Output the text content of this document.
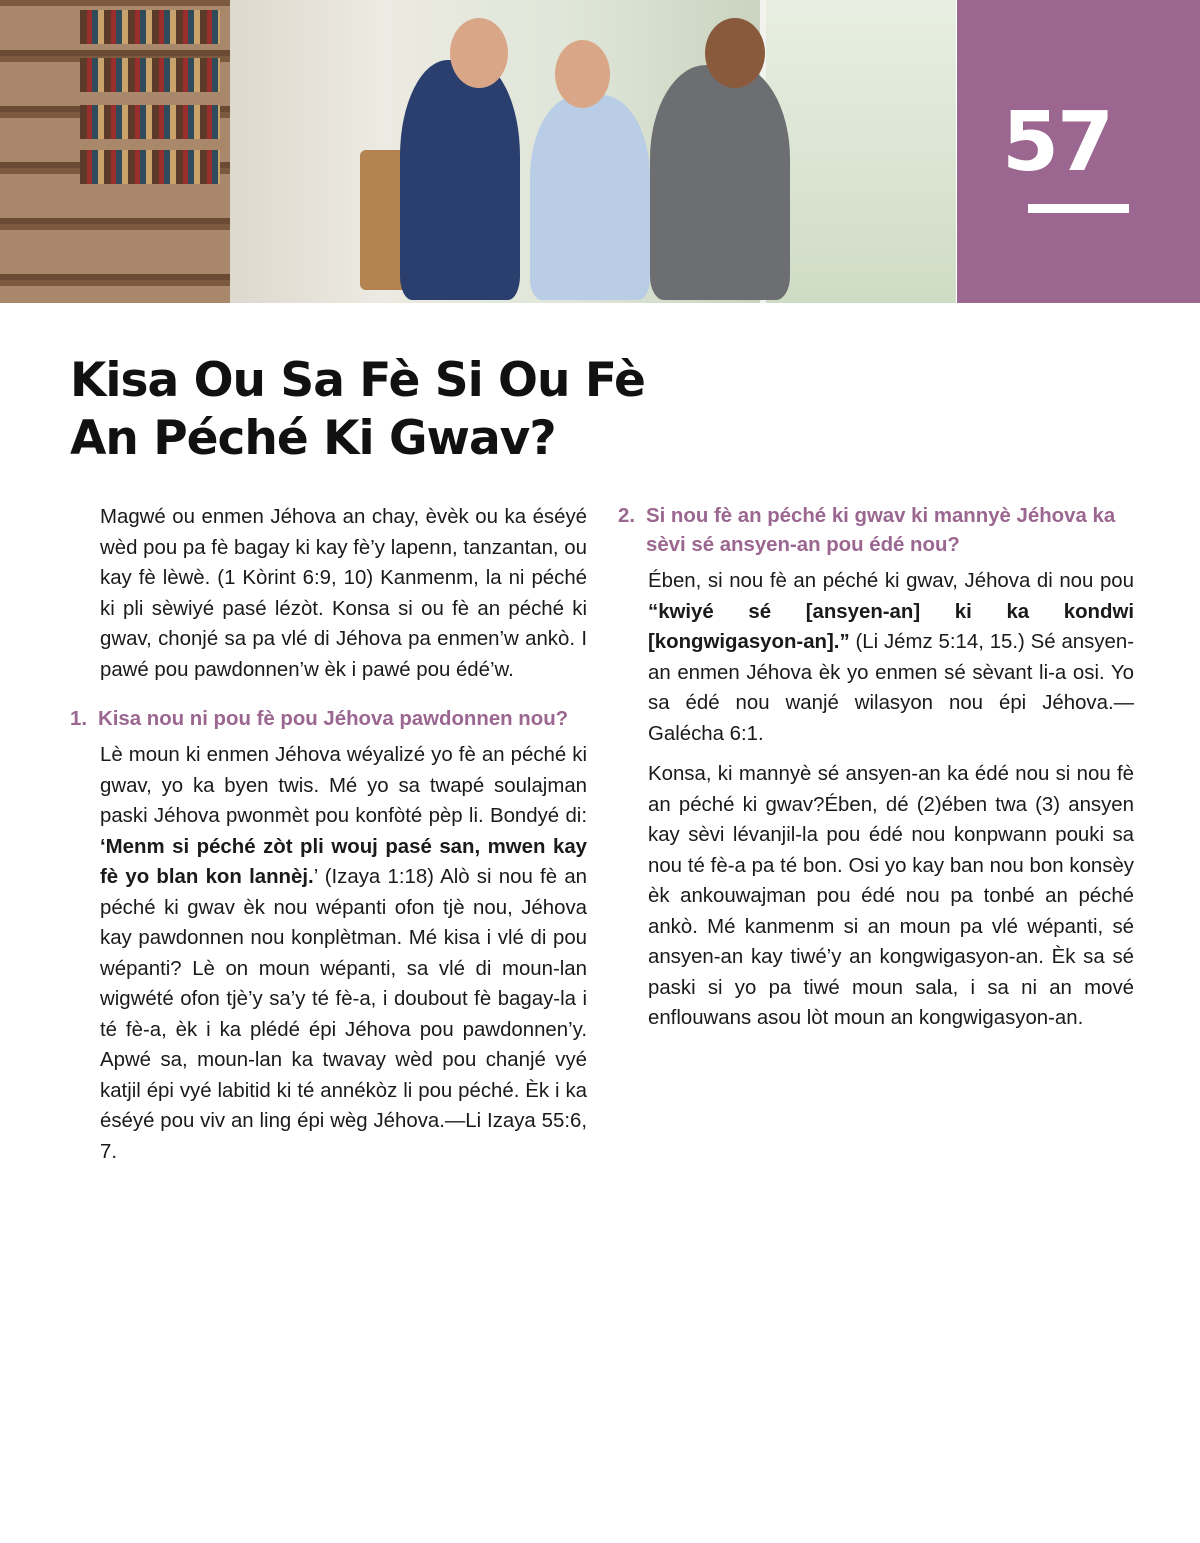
57
Kisa Ou Sa Fè Si Ou Fè
An Péché Ki Gwav?

Magwé ou enmen Jéhova an chay, èvèk ou ka éséyé wèd pou pa fè bagay ki kay fè’y lapenn, tanzantan, ou kay fè lèwè. (1 Kòrint 6:9, 10) Kanmenm, la ni péché ki pli sèwiyé pasé lézòt. Konsa si ou fè an péché ki gwav, chonjé sa pa vlé di Jéhova pa enmen’w ankò. I pawé pou pawdonnen’w èk i pawé pou édé’w.

1. Kisa nou ni pou fè pou Jéhova pawdonnen nou?

Lè moun ki enmen Jéhova wéyalizé yo fè an péché ki gwav, yo ka byen twis. Mé yo sa twapé soulajman paski Jéhova pwonmèt pou konfòté pèp li. Bondyé di: ‘Menm si péché zòt pli wouj pasé san, mwen kay fè yo blan kon lannèj.’ (Izaya 1:18) Alò si nou fè an péché ki gwav èk nou wépanti ofon tjè nou, Jéhova kay pawdonnen nou konplètman. Mé kisa i vlé di pou wépanti? Lè on moun wépanti, sa vlé di moun-lan wigwété ofon tjè’y sa’y té fè-a, i doubout fè bagay-la i té fè-a, èk i ka plédé épi Jéhova pou pawdonnen’y. Apwé sa, moun-lan ka twavay wèd pou chanjé vyé katjil épi vyé labitid ki té annékòz li pou péché. Èk i ka éséyé pou viv an ling épi wèg Jéhova.—Li Izaya 55:6, 7.

2. Si nou fè an péché ki gwav ki mannyè Jéhova ka sèvi sé ansyen-an pou édé nou?

Ében, si nou fè an péché ki gwav, Jéhova di nou pou “kwiyé sé [ansyen-an] ki ka kondwi [kongwigasyon-an].” (Li Jémz 5:14, 15.) Sé ansyen-an enmen Jéhova èk yo enmen sé sèvant li-a osi. Yo sa édé nou wanjé wilasyon nou épi Jéhova.—Galécha 6:1.

Konsa, ki mannyè sé ansyen-an ka édé nou si nou fè an péché ki gwav?Ében, dé (2)ében twa (3) ansyen kay sèvi lévanjil-la pou édé nou konpwann pouki sa nou té fè-a pa té bon. Osi yo kay ban nou bon konsèy èk ankouwajman pou édé nou pa tonbé an péché ankò. Mé kanmenm si an moun pa vlé wépanti, sé ansyen-an kay tiwé’y an kongwigasyon-an. Èk sa sé paski si yo pa tiwé moun sala, i sa ni an mové enflouwans asou lòt moun an kongwigasyon-an.
